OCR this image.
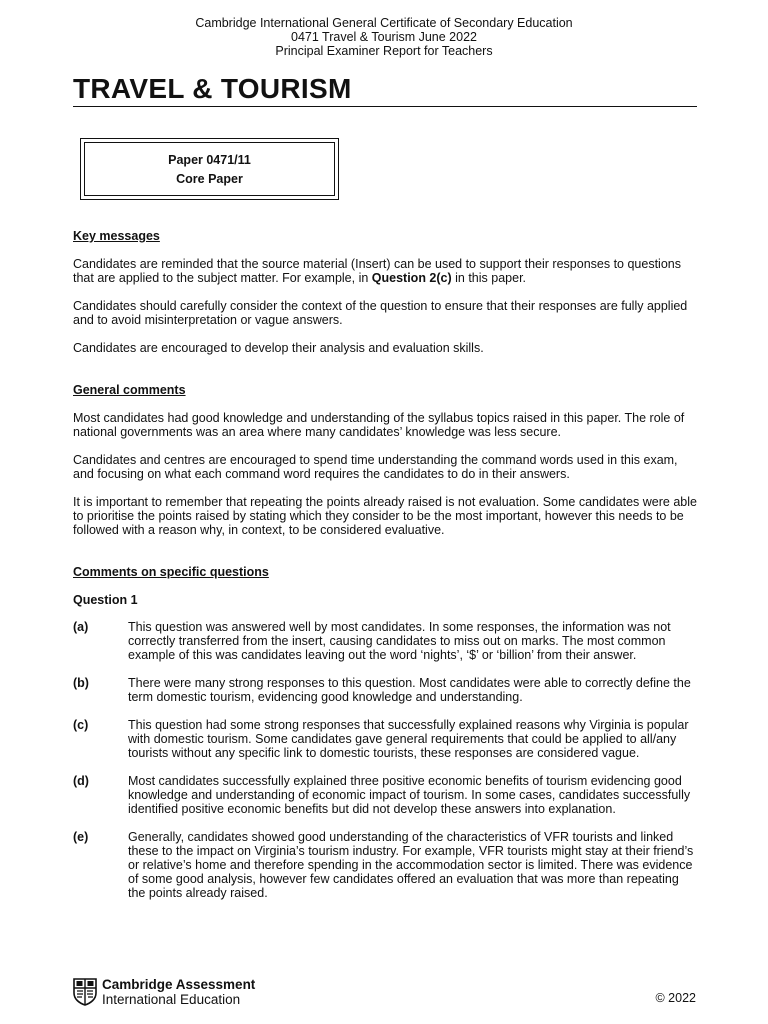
Cambridge International General Certificate of Secondary Education
0471 Travel & Tourism June 2022
Principal Examiner Report for Teachers
TRAVEL & TOURISM
Paper 0471/11
Core Paper
Key messages

Candidates are reminded that the source material (Insert) can be used to support their responses to questions that are applied to the subject matter. For example, in Question 2(c) in this paper.

Candidates should carefully consider the context of the question to ensure that their responses are fully applied and to avoid misinterpretation or vague answers.

Candidates are encouraged to develop their analysis and evaluation skills.

General comments

Most candidates had good knowledge and understanding of the syllabus topics raised in this paper. The role of national governments was an area where many candidates’ knowledge was less secure.

Candidates and centres are encouraged to spend time understanding the command words used in this exam, and focusing on what each command word requires the candidates to do in their answers.

It is important to remember that repeating the points already raised is not evaluation. Some candidates were able to prioritise the points raised by stating which they consider to be the most important, however this needs to be followed with a reason why, in context, to be considered evaluative.

Comments on specific questions
Question 1
(a)	This question was answered well by most candidates. In some responses, the information was not correctly transferred from the insert, causing candidates to miss out on marks. The most common example of this was candidates leaving out the word ‘nights’, ‘$’ or ‘billion’ from their answer.
(b)	There were many strong responses to this question. Most candidates were able to correctly define the term domestic tourism, evidencing good knowledge and understanding.
(c)	This question had some strong responses that successfully explained reasons why Virginia is popular with domestic tourism. Some candidates gave general requirements that could be applied to all/any tourists without any specific link to domestic tourists, these responses are considered vague.
(d)	Most candidates successfully explained three positive economic benefits of tourism evidencing good knowledge and understanding of economic impact of tourism. In some cases, candidates successfully identified positive economic benefits but did not develop these answers into explanation.
(e)	Generally, candidates showed good understanding of the characteristics of VFR tourists and linked these to the impact on Virginia’s tourism industry. For example, VFR tourists might stay at their friend’s or relative’s home and therefore spending in the accommodation sector is limited. There was evidence of some good analysis, however few candidates offered an evaluation that was more than repeating the points already raised.
Cambridge Assessment
International Education	© 2022
